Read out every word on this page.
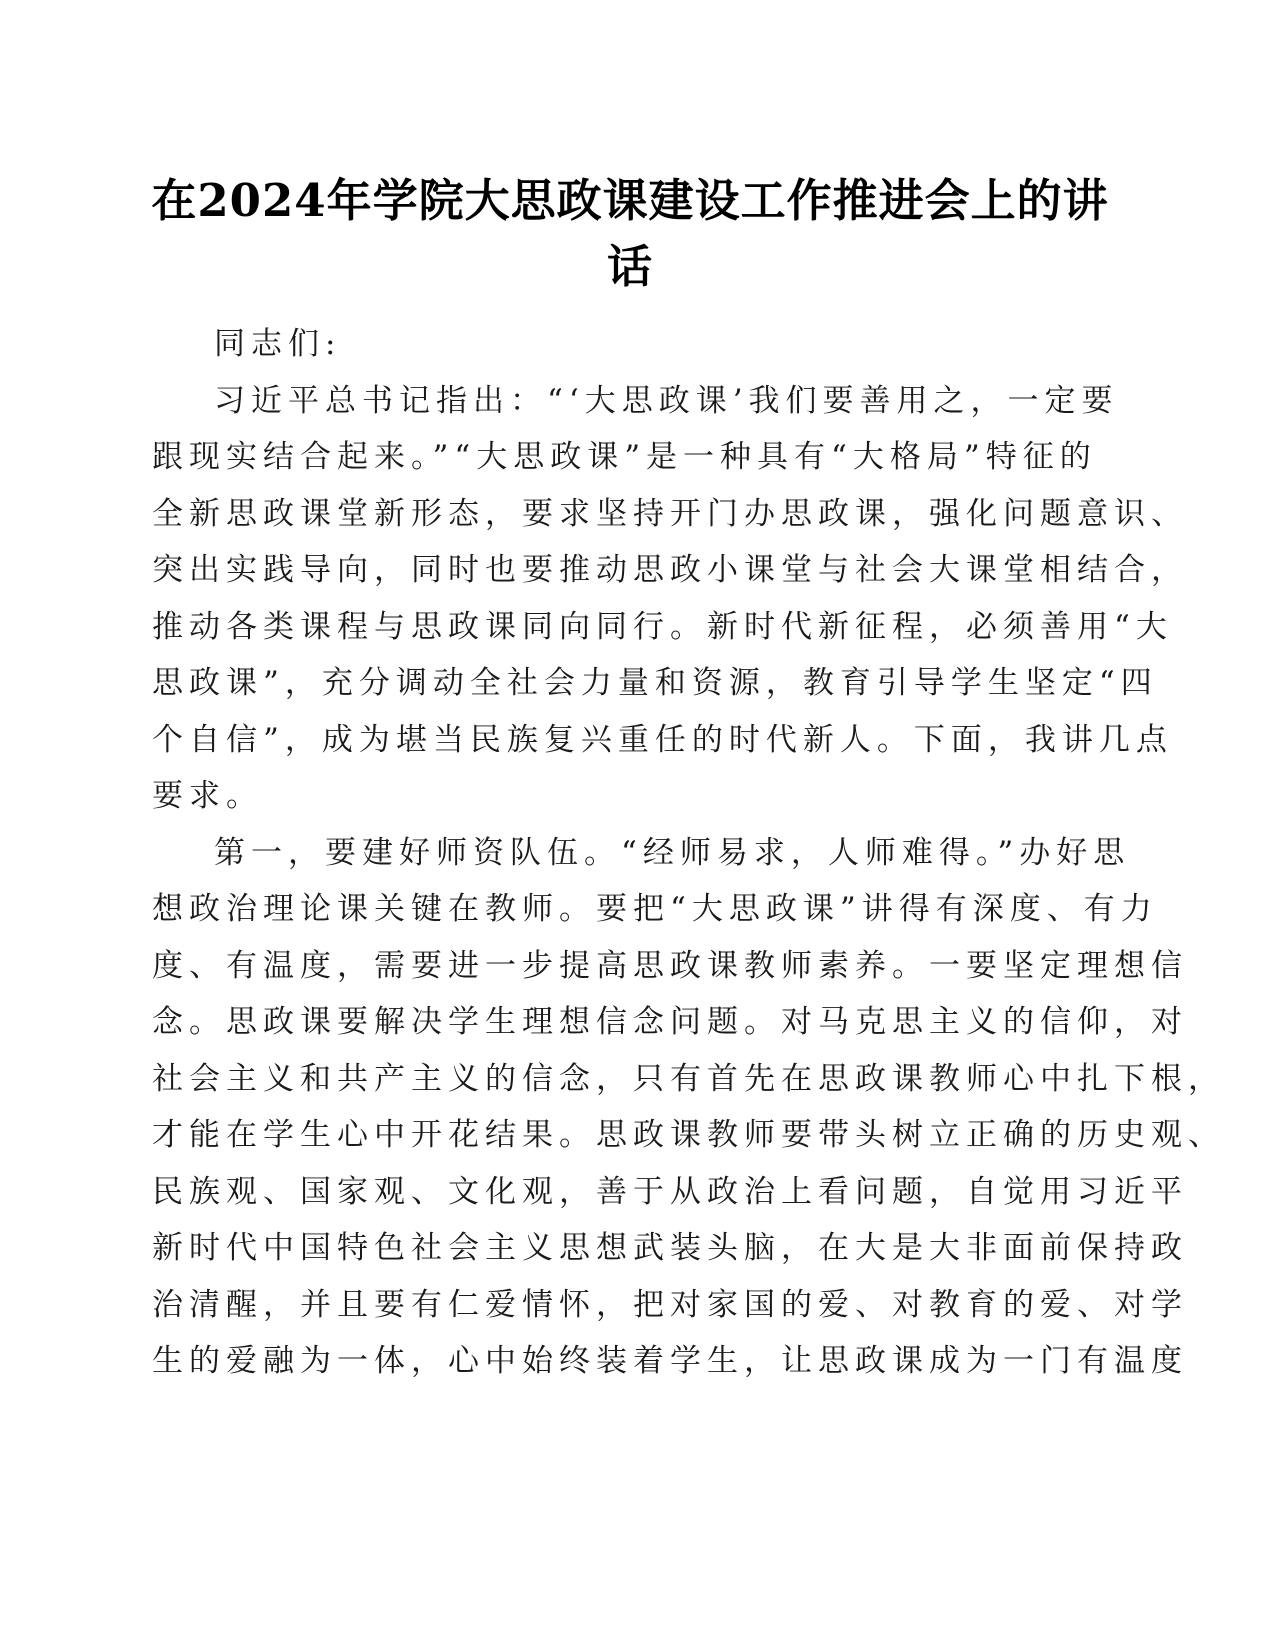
在2024年学院大思政课建设工作推进会上的讲
话
同志们:
习近平总书记指出：“‘大思政课’我们要善用之，一定要
跟现实结合起来。”“大思政课”是一种具有“大格局”特征的
全新思政课堂新形态，要求坚持开门办思政课，强化问题意识、
突出实践导向，同时也要推动思政小课堂与社会大课堂相结合，
推动各类课程与思政课同向同行。新时代新征程，必须善用“大
思政课”，充分调动全社会力量和资源，教育引导学生坚定“四
个自信”，成为堪当民族复兴重任的时代新人。下面，我讲几点
要求。
第一，要建好师资队伍。“经师易求，人师难得。”办好思
想政治理论课关键在教师。要把“大思政课”讲得有深度、有力
度、有温度，需要进一步提高思政课教师素养。一要坚定理想信
念。思政课要解决学生理想信念问题。对马克思主义的信仰，对
社会主义和共产主义的信念，只有首先在思政课教师心中扎下根，
才能在学生心中开花结果。思政课教师要带头树立正确的历史观、
民族观、国家观、文化观，善于从政治上看问题，自觉用习近平
新时代中国特色社会主义思想武装头脑，在大是大非面前保持政
治清醒，并且要有仁爱情怀，把对家国的爱、对教育的爱、对学
生的爱融为一体，心中始终装着学生，让思政课成为一门有温度
